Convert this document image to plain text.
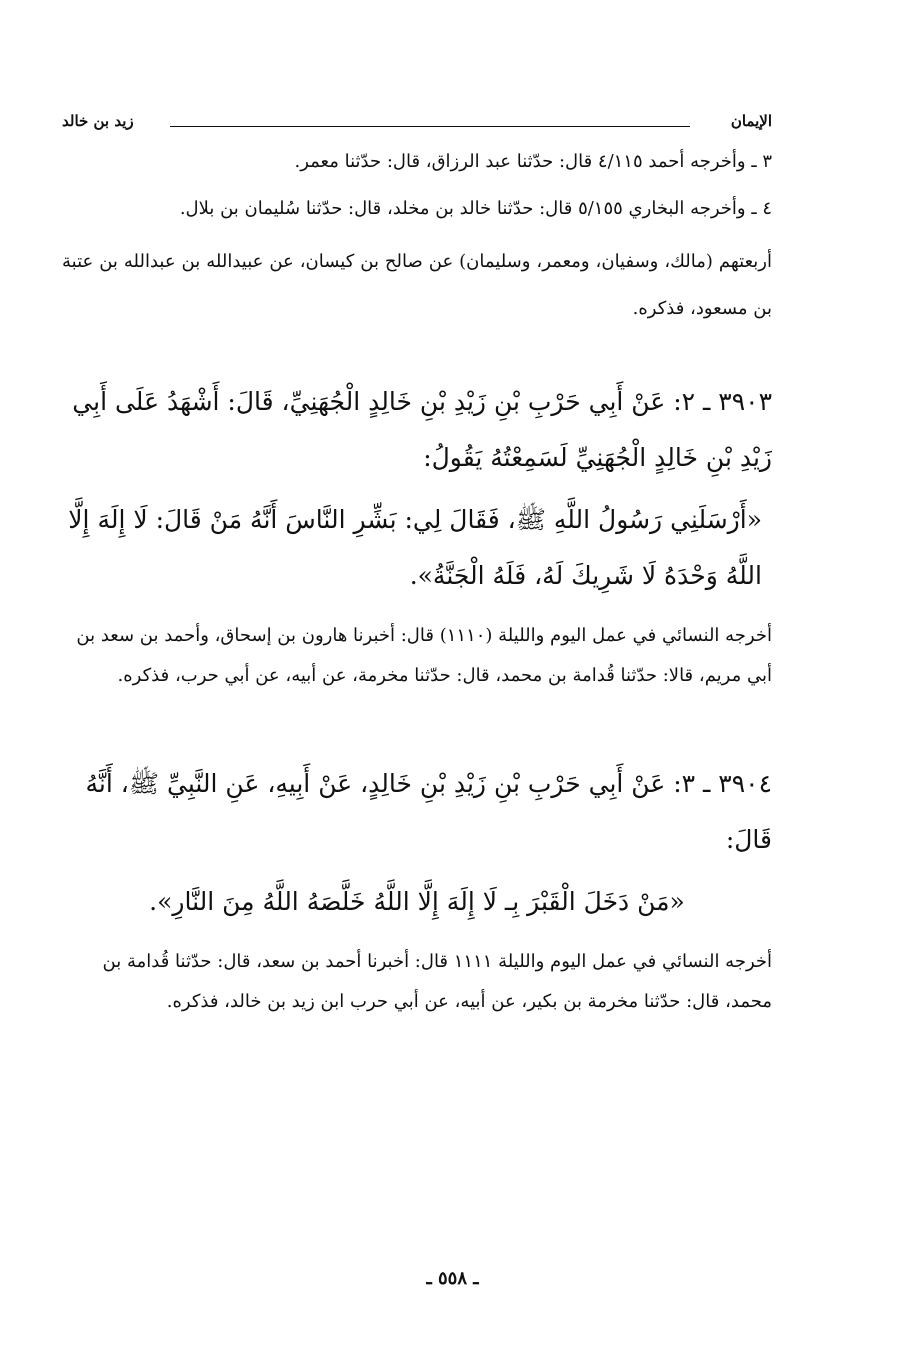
الإيمان
زيد بن خالد

٣ ـ وأخرجه أحمد ٤/١١٥ قال: حدّثنا عبد الرزاق، قال: حدّثنا معمر.

٤ ـ وأخرجه البخاري ٥/١٥٥ قال: حدّثنا خالد بن مخلد، قال: حدّثنا سُليمان بن بلال.

أربعتهم (مالك، وسفيان، ومعمر، وسليمان) عن صالح بن كيسان، عن عبيدالله بن عبدالله بن عتبة بن مسعود، فذكره.

٣٩٠٣ ـ ٢: عَنْ أَبِي حَرْبِ بْنِ زَيْدِ بْنِ خَالِدٍ الْجُهَنِيِّ، قَالَ: أَشْهَدُ عَلَى أَبِي زَيْدِ بْنِ خَالِدٍ الْجُهَنِيِّ لَسَمِعْتُهُ يَقُولُ:

«أَرْسَلَنِي رَسُولُ اللَّهِ ﷺ، فَقَالَ لِي: بَشِّرِ النَّاسَ أَنَّهُ مَنْ قَالَ: لَا إِلَهَ إِلَّا اللَّهُ وَحْدَهُ لَا شَرِيكَ لَهُ، فَلَهُ الْجَنَّةُ».

أخرجه النسائي في عمل اليوم والليلة (١١١٠) قال: أخبرنا هارون بن إسحاق، وأحمد بن سعد بن أبي مريم، قالا: حدّثنا قُدامة بن محمد، قال: حدّثنا مخرمة، عن أبيه، عن أبي حرب، فذكره.

٣٩٠٤ ـ ٣: عَنْ أَبِي حَرْبِ بْنِ زَيْدِ بْنِ خَالِدٍ، عَنْ أَبِيهِ، عَنِ النَّبِيِّ ﷺ، أَنَّهُ قَالَ:

«مَنْ دَخَلَ الْقَبْرَ بِـ لَا إِلَهَ إِلَّا اللَّهُ خَلَّصَهُ اللَّهُ مِنَ النَّارِ».

أخرجه النسائي في عمل اليوم والليلة ١١١١ قال: أخبرنا أحمد بن سعد، قال: حدّثنا قُدامة بن محمد، قال: حدّثنا مخرمة بن بكير، عن أبيه، عن أبي حرب ابن زيد بن خالد، فذكره.

ـ ٥٥٨ ـ
